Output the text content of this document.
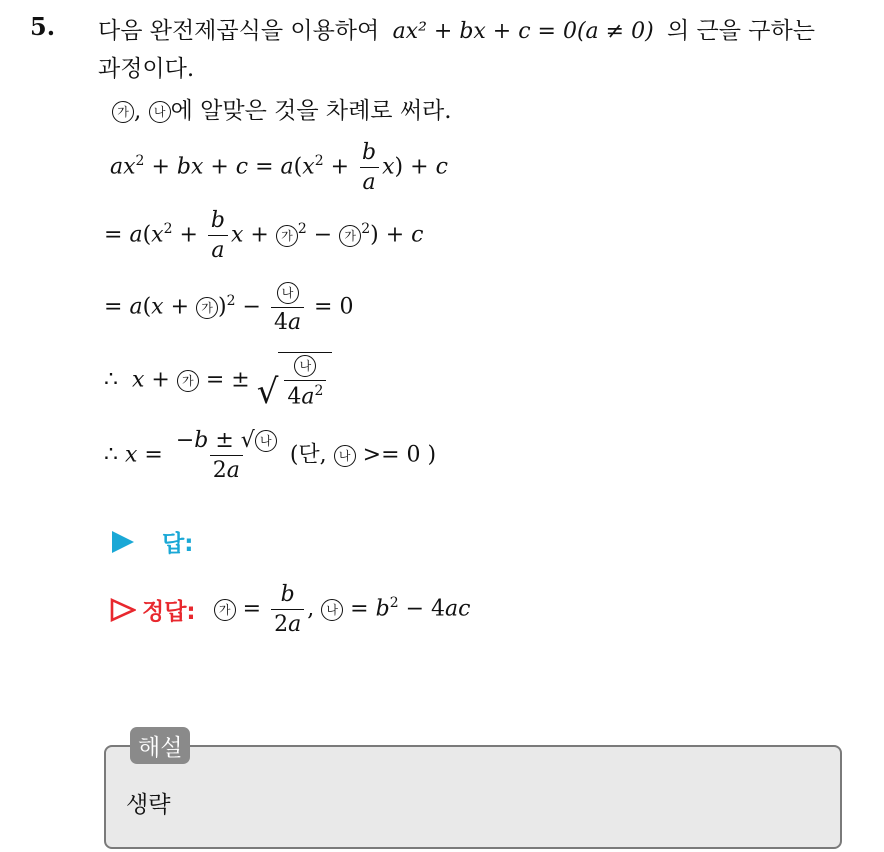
5. 다음 완전제곱식을 이용하여 ax² + bx + c = 0(a ≠ 0) 의 근을 구하는
과정이다.
가 , 나 에 알맞은 것을 차례로 써라.
$ax^2$ + bx + $c = a(x^2 + \frac{b}{a} x) + c$
= $a(x^2 + \frac{b}{a}$ x + 가 $^2$ − 가 $^2$) + c
= a(x + 가 )$^2 - \frac{\text{나}}{4a} = 0$
∴  x + 가 = ± √ $\frac{\text{나}}{4a^2}$
∴ $x = \frac{\text{−b ± √ 나}}{2a}$ (단, 나 >= 0 )
답:
정답:	가 = $\frac{b}{2a}$ , 나 = $b^2 - 4ac$
해설
생략
